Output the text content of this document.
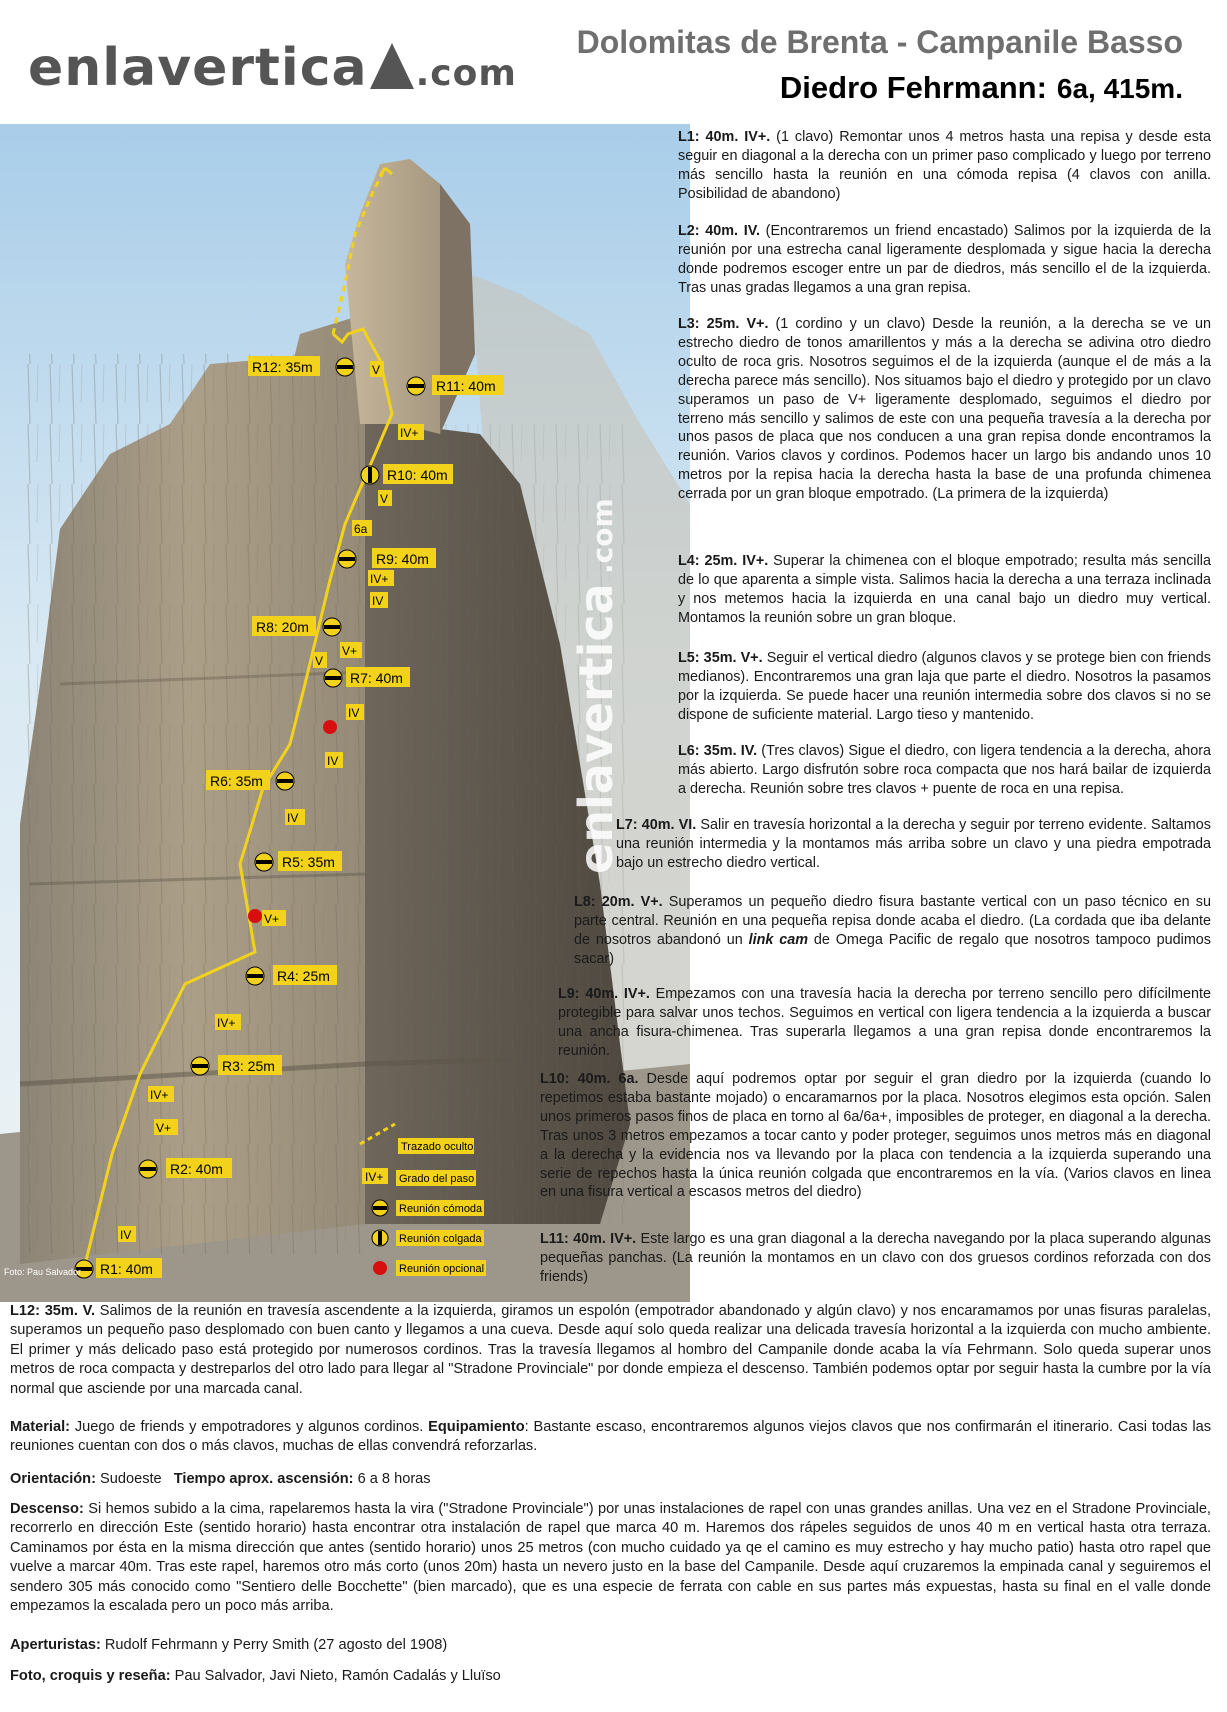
enlavertica .com
Dolomitas de Brenta - Campanile Basso
Diedro Fehrmann: 6a, 415m.
R1: 40m
R2: 40m
R3: 25m
R4: 25m
R5: 35m
R6: 35m
R7: 40m
R8: 20m
R9: 40m
R10: 40m
R11: 40m
R12: 35m
IV
V+
IV+
IV+
V+
IV
IV
IV
V
V+
IV
IV+
6a
V
IV+
V
enlavertica
.com
Trazado oculto
IV+ Grado del paso
Reunión cómoda
Reunión colgada
Reunión opcional
Foto: Pau Salvador

L1: 40m. IV+. (1 clavo) Remontar unos 4 metros hasta una repisa y desde esta seguir en diagonal a la derecha con un primer paso complicado y luego por terreno más sencillo hasta la reunión en una cómoda repisa (4 clavos con anilla. Posibilidad de abandono)

L2: 40m. IV. (Encontraremos un friend encastado) Salimos por la izquierda de la reunión por una estrecha canal ligeramente desplomada y sigue hacia la derecha donde podremos escoger entre un par de diedros, más sencillo el de la izquierda. Tras unas gradas llegamos a una gran repisa.

L3: 25m. V+. (1 cordino y un clavo) Desde la reunión, a la derecha se ve un estrecho diedro de tonos amarillentos y más a la derecha se adivina otro diedro oculto de roca gris. Nosotros seguimos el de la izquierda (aunque el de más a la derecha parece más sencillo). Nos situamos bajo el diedro y protegido por un clavo superamos un paso de V+ ligeramente desplomado, seguimos el diedro por terreno más sencillo y salimos de este con una pequeña travesía a la derecha por unos pasos de placa que nos conducen a una gran repisa donde encontramos la reunión. Varios clavos y cordinos. Podemos hacer un largo bis andando unos 10 metros por la repisa hacia la derecha hasta la base de una profunda chimenea cerrada por un gran bloque empotrado. (La primera de la izquierda)

L4: 25m. IV+. Superar la chimenea con el bloque empotrado; resulta más sencilla de lo que aparenta a simple vista. Salimos hacia la derecha a una terraza inclinada y nos metemos hacia la izquierda en una canal bajo un diedro muy vertical. Montamos la reunión sobre un gran bloque.

L5: 35m. V+. Seguir el vertical diedro (algunos clavos y se protege bien con friends medianos). Encontraremos una gran laja que parte el diedro. Nosotros la pasamos por la izquierda. Se puede hacer una reunión intermedia sobre dos clavos si no se dispone de suficiente material. Largo tieso y mantenido.

L6: 35m. IV. (Tres clavos) Sigue el diedro, con ligera tendencia a la derecha, ahora más abierto. Largo disfrutón sobre roca compacta que nos hará bailar de izquierda a derecha. Reunión sobre tres clavos + puente de roca en una repisa.

L7: 40m. VI. Salir en travesía horizontal a la derecha y seguir por terreno evidente. Saltamos una reunión intermedia y la montamos más arriba sobre un clavo y una piedra empotrada bajo un estrecho diedro vertical.

L8: 20m. V+. Superamos un pequeño diedro fisura bastante vertical con un paso técnico en su parte central. Reunión en una pequeña repisa donde acaba el diedro. (La cordada que iba delante de nosotros abandonó un link cam de Omega Pacific de regalo que nosotros tampoco pudimos sacar)

L9: 40m. IV+. Empezamos con una travesía hacia la derecha por terreno sencillo pero difícilmente protegible para salvar unos techos. Seguimos en vertical con ligera tendencia a la izquierda a buscar una ancha fisura-chimenea. Tras superarla llegamos a una gran repisa donde encontraremos la reunión.

L10: 40m. 6a. Desde aquí podremos optar por seguir el gran diedro por la izquierda (cuando lo repetimos estaba bastante mojado) o encaramarnos por la placa. Nosotros elegimos esta opción. Salen unos primeros pasos finos de placa en torno al 6a/6a+, imposibles de proteger, en diagonal a la derecha. Tras unos 3 metros empezamos a tocar canto y poder proteger, seguimos unos metros más en diagonal a la derecha y la evidencia nos va llevando por la placa con tendencia a la izquierda superando una serie de repechos hasta la única reunión colgada que encontraremos en la vía. (Varios clavos en linea en una fisura vertical a escasos metros del diedro)

L11: 40m. IV+. Este largo es una gran diagonal a la derecha navegando por la placa superando algunas pequeñas panchas. (La reunión la montamos en un clavo con dos gruesos cordinos reforzada con dos friends)

L12: 35m. V. Salimos de la reunión en travesía ascendente a la izquierda, giramos un espolón (empotrador abandonado y algún clavo) y nos encaramamos por unas fisuras paralelas, superamos un pequeño paso desplomado con buen canto y llegamos a una cueva. Desde aquí solo queda realizar una delicada travesía horizontal a la izquierda con mucho ambiente. El primer y más delicado paso está protegido por numerosos cordinos. Tras la travesía llegamos al hombro del Campanile donde acaba la vía Fehrmann. Solo queda superar unos metros de roca compacta y destreparlos del otro lado para llegar al "Stradone Provinciale" por donde empieza el descenso. También podemos optar por seguir hasta la cumbre por la vía normal que asciende por una marcada canal.

Material: Juego de friends y empotradores y algunos cordinos. Equipamiento: Bastante escaso, encontraremos algunos viejos clavos que nos confirmarán el itinerario. Casi todas las reuniones cuentan con dos o más clavos, muchas de ellas convendrá reforzarlas.

Orientación: Sudoeste Tiempo aprox. ascensión: 6 a 8 horas

Descenso: Si hemos subido a la cima, rapelaremos hasta la vira ("Stradone Provinciale") por unas instalaciones de rapel con unas grandes anillas. Una vez en el Stradone Provinciale, recorrerlo en dirección Este (sentido horario) hasta encontrar otra instalación de rapel que marca 40 m. Haremos dos rápeles seguidos de unos 40 m en vertical hasta otra terraza. Caminamos por ésta en la misma dirección que antes (sentido horario) unos 25 metros (con mucho cuidado ya qe el camino es muy estrecho y hay mucho patio) hasta otro rapel que vuelve a marcar 40m. Tras este rapel, haremos otro más corto (unos 20m) hasta un nevero justo en la base del Campanile. Desde aquí cruzaremos la empinada canal y seguiremos el sendero 305 más conocido como "Sentiero delle Bocchette" (bien marcado), que es una especie de ferrata con cable en sus partes más expuestas, hasta su final en el valle donde empezamos la escalada pero un poco más arriba.

Aperturistas: Rudolf Fehrmann y Perry Smith (27 agosto del 1908)

Foto, croquis y reseña: Pau Salvador, Javi Nieto, Ramón Cadalás y Lluïso
